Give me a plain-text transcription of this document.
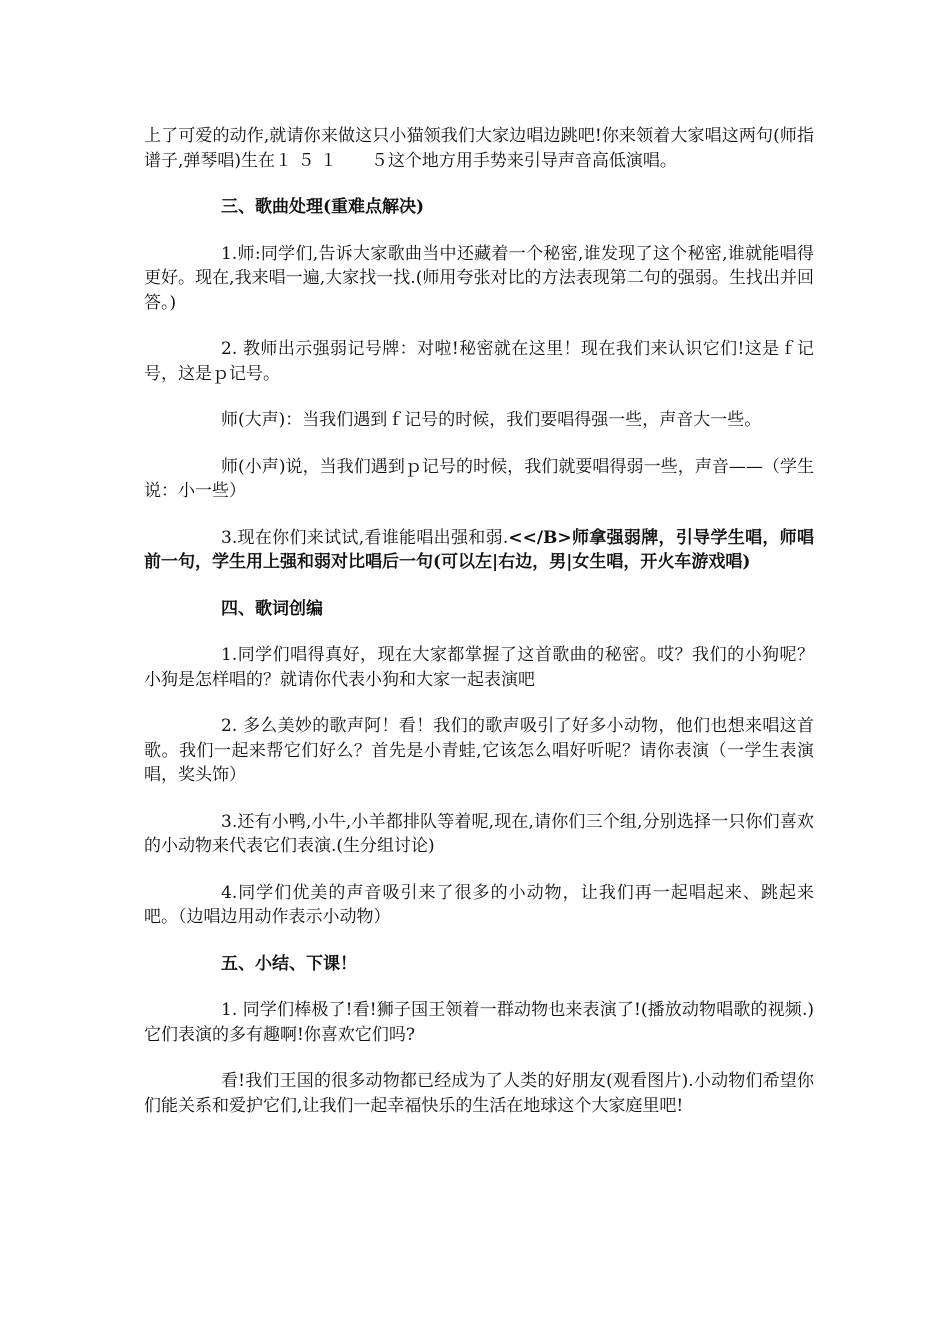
上了可爱的动作,就请你来做这只小猫领我们大家边唱边跳吧!你来领着大家唱这两句(师指谱子,弹琴唱)生在１ ５ １　　５这个地方用手势来引导声音高低演唱。

三、歌曲处理(重难点解决)

1.师:同学们,告诉大家歌曲当中还藏着一个秘密,谁发现了这个秘密,谁就能唱得更好。现在,我来唱一遍,大家找一找.(师用夸张对比的方法表现第二句的强弱。生找出并回答。)

2. 教师出示强弱记号牌：对啦!秘密就在这里！现在我们来认识它们!这是ｆ记号，这是ｐ记号。

师(大声)：当我们遇到ｆ记号的时候，我们要唱得强一些，声音大一些。

师(小声)说，当我们遇到ｐ记号的时候，我们就要唱得弱一些，声音——（学生说：小一些）

3.现在你们来试试,看谁能唱出强和弱.<</B>师拿强弱牌，引导学生唱，师唱前一句，学生用上强和弱对比唱后一句(可以左|右边，男|女生唱，开火车游戏唱)

四、歌词创编

1.同学们唱得真好，现在大家都掌握了这首歌曲的秘密。哎？我们的小狗呢？小狗是怎样唱的？就请你代表小狗和大家一起表演吧

2. 多么美妙的歌声阿！看！我们的歌声吸引了好多小动物，他们也想来唱这首歌。我们一起来帮它们好么？首先是小青蛙,它该怎么唱好听呢？请你表演（一学生表演唱，奖头饰）

3.还有小鸭,小牛,小羊都排队等着呢,现在,请你们三个组,分别选择一只你们喜欢的小动物来代表它们表演.(生分组讨论)

4.同学们优美的声音吸引来了很多的小动物，让我们再一起唱起来、跳起来吧。（边唱边用动作表示小动物）

五、小结、下课！

1. 同学们棒极了!看!狮子国王领着一群动物也来表演了!(播放动物唱歌的视频.) 它们表演的多有趣啊!你喜欢它们吗?

看!我们王国的很多动物都已经成为了人类的好朋友(观看图片).小动物们希望你们能关系和爱护它们,让我们一起幸福快乐的生活在地球这个大家庭里吧!
